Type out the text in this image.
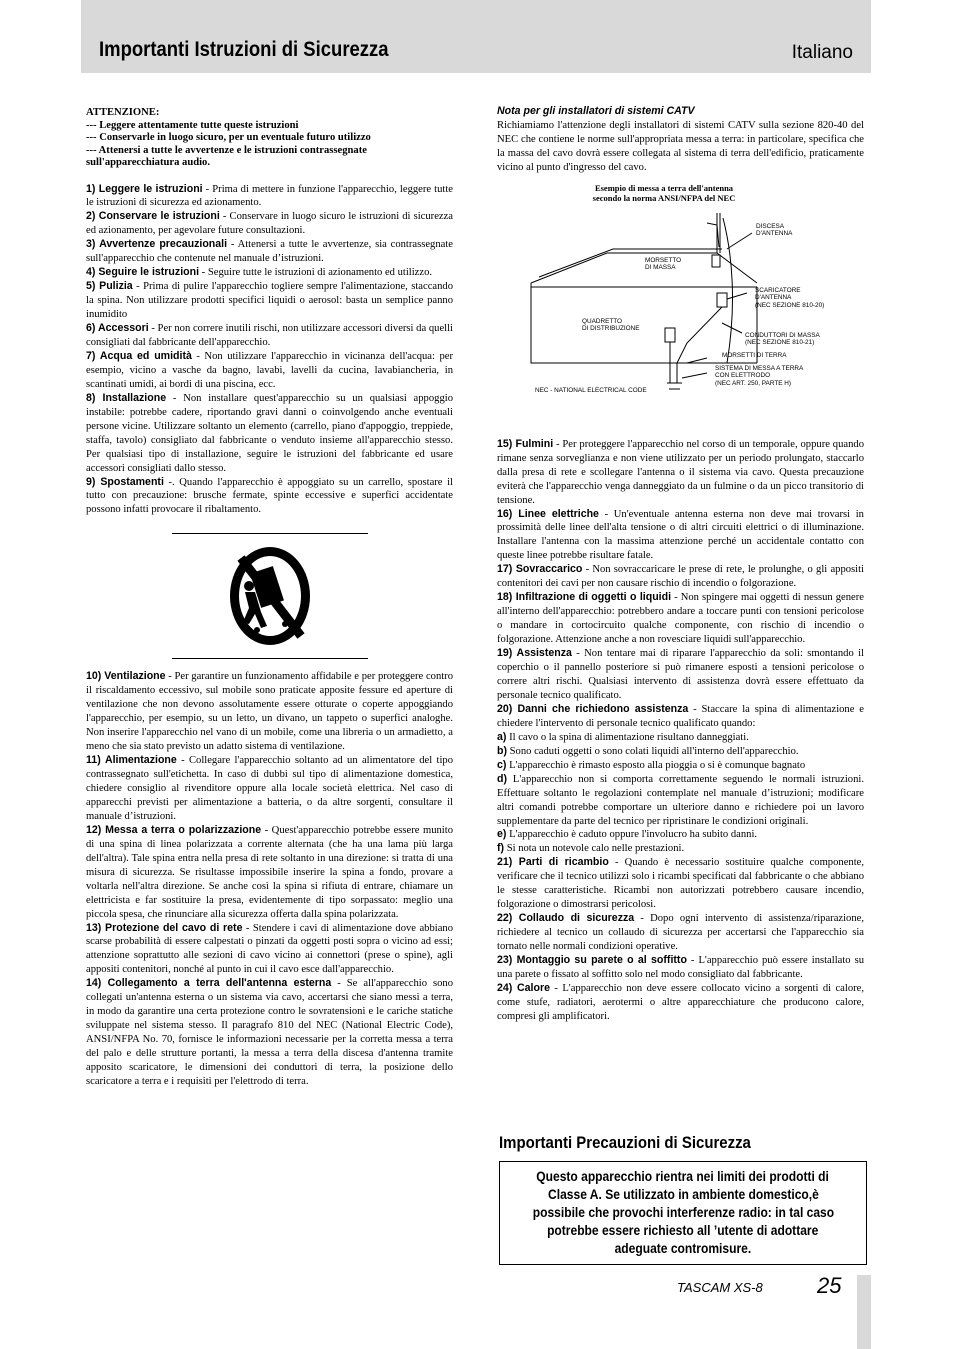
Importanti Istruzioni di Sicurezza	Italiano
ATTENZIONE:
--- Leggere attentamente tutte queste istruzioni
--- Conservarle in luogo sicuro, per un eventuale futuro utilizzo
--- Attenersi a tutte le avvertenze e le istruzioni contrassegnate sull'apparecchiatura audio.

1) Leggere le istruzioni - Prima di mettere in funzione l'apparecchio, leggere tutte le istruzioni di sicurezza ed azionamento.

2) Conservare le istruzioni - Conservare in luogo sicuro le istruzioni di sicurezza ed azionamento, per agevolare future consultazioni.

3) Avvertenze precauzionali - Attenersi a tutte le avvertenze, sia contrassegnate sull'apparecchio che contenute nel manuale d’istruzioni.

4) Seguire le istruzioni - Seguire tutte le istruzioni di azionamento ed utilizzo.

5) Pulizia - Prima di pulire l'apparecchio togliere sempre l'alimentazione, staccando la spina. Non utilizzare prodotti specifici liquidi o aerosol: basta un semplice panno inumidito

6) Accessori - Per non correre inutili rischi, non utilizzare accessori diversi da quelli consigliati dal fabbricante dell'apparecchio.

7) Acqua ed umidità - Non utilizzare l'apparecchio in vicinanza dell'acqua: per esempio, vicino a vasche da bagno, lavabi, lavelli da cucina, lavabiancheria, in scantinati umidi, ai bordi di una piscina, ecc.

8) Installazione - Non installare quest'apparecchio su un qualsiasi appoggio instabile: potrebbe cadere, riportando gravi danni o coinvolgendo anche eventuali persone vicine. Utilizzare soltanto un elemento (carrello, piano d'appoggio, treppiede, staffa, tavolo) consigliato dal fabbricante o venduto insieme all'apparecchio stesso. Per qualsiasi tipo di installazione, seguire le istruzioni del fabbricante ed usare accessori consigliati dallo stesso.

9) Spostamenti -. Quando l'apparecchio è appoggiato su un carrello, spostare il tutto con precauzione: brusche fermate, spinte eccessive e superfici accidentate possono infatti provocare il ribaltamento.

10) Ventilazione - Per garantire un funzionamento affidabile e per proteggere contro il riscaldamento eccessivo, sul mobile sono praticate apposite fessure ed aperture di ventilazione che non devono assolutamente essere otturate o coperte appoggiando l'apparecchio, per esempio, su un letto, un divano, un tappeto o superfici analoghe. Non inserire l'apparecchio nel vano di un mobile, come una libreria o un armadietto, a meno che sia stato previsto un adatto sistema di ventilazione.

11) Alimentazione - Collegare l'apparecchio soltanto ad un alimentatore del tipo contrassegnato sull'etichetta. In caso di dubbi sul tipo di alimentazione domestica, chiedere consiglio al rivenditore oppure alla locale società elettrica. Nel caso di apparecchi previsti per alimentazione a batteria, o da altre sorgenti, consultare il manuale d’istruzioni.

12) Messa a terra o polarizzazione - Quest'apparecchio potrebbe essere munito di una spina di linea polarizzata a corrente alternata (che ha una lama più larga dell'altra). Tale spina entra nella presa di rete soltanto in una direzione: si tratta di una misura di sicurezza. Se risultasse impossibile inserire la spina a fondo, provare a voltarla nell'altra direzione. Se anche così la spina si rifiuta di entrare, chiamare un elettricista e far sostituire la presa, evidentemente di tipo sorpassato: meglio una piccola spesa, che rinunciare alla sicurezza offerta dalla spina polarizzata.

13) Protezione del cavo di rete - Stendere i cavi di alimentazione dove abbiano scarse probabilità di essere calpestati o pinzati da oggetti posti sopra o vicino ad essi; attenzione soprattutto alle sezioni di cavo vicino ai connettori (prese o spine), agli appositi contenitori, nonché al punto in cui il cavo esce dall'apparecchio.

14) Collegamento a terra dell'antenna esterna - Se all'apparecchio sono collegati un'antenna esterna o un sistema via cavo, accertarsi che siano messi a terra, in modo da garantire una certa protezione contro le sovratensioni e le cariche statiche sviluppate nel sistema stesso. Il paragrafo 810 del NEC (National Electric Code), ANSI/NFPA No. 70, fornisce le informazioni necessarie per la corretta messa a terra del palo e delle strutture portanti, la messa a terra della discesa d'antenna tramite apposito scaricatore, le dimensioni dei conduttori di terra, la posizione dello scaricatore a terra e i requisiti per l'elettrodo di terra.

Nota per gli installatori di sistemi CATV

Richiamiamo l'attenzione degli installatori di sistemi CATV sulla sezione 820-40 del NEC che contiene le norme sull'appropriata messa a terra: in particolare, specifica che la massa del cavo dovrà essere collegata al sistema di terra dell'edificio, praticamente vicino al punto d'ingresso del cavo.

Esempio di messa a terra dell'antenna
secondo la norma ANSI/NFPA del NEC
DISCESA
D'ANTENNA
MORSETTO
DI MASSA
SCARICATORE
D'ANTENNA
(NEC SEZIONE 810-20)
QUADRETTO
DI DISTRIBUZIONE
CONDUTTORI DI MASSA
(NEC SEZIONE 810-21)
MORSETTI DI TERRA
SISTEMA DI MESSA A TERRA
CON ELETTRODO
(NEC ART. 250, PARTE H)
NEC - NATIONAL ELECTRICAL CODE

15) Fulmini - Per proteggere l'apparecchio nel corso di un temporale, oppure quando rimane senza sorveglianza e non viene utilizzato per un periodo prolungato, staccarlo dalla presa di rete e scollegare l'antenna o il sistema via cavo. Questa precauzione eviterà che l'apparecchio venga danneggiato da un fulmine o da un picco transitorio di tensione.

16) Linee elettriche - Un'eventuale antenna esterna non deve mai trovarsi in prossimità delle linee dell'alta tensione o di altri circuiti elettrici o di illuminazione. Installare l'antenna con la massima attenzione perché un accidentale contatto con queste linee potrebbe risultare fatale.

17) Sovraccarico - Non sovraccaricare le prese di rete, le prolunghe, o gli appositi contenitori dei cavi per non causare rischio di incendio o folgorazione.

18) Infiltrazione di oggetti o liquidi - Non spingere mai oggetti di nessun genere all'interno dell'apparecchio: potrebbero andare a toccare punti con tensioni pericolose o mandare in cortocircuito qualche componente, con rischio di incendio o folgorazione. Attenzione anche a non rovesciare liquidi sull'apparecchio.

19) Assistenza - Non tentare mai di riparare l'apparecchio da soli: smontando il coperchio o il pannello posteriore si può rimanere esposti a tensioni pericolose o correre altri rischi. Qualsiasi intervento di assistenza dovrà essere effettuato da personale tecnico qualificato.

20) Danni che richiedono assistenza - Staccare la spina di alimentazione e chiedere l'intervento di personale tecnico qualificato quando:

a) Il cavo o la spina di alimentazione risultano danneggiati.

b) Sono caduti oggetti o sono colati liquidi all'interno dell'apparecchio.

c) L'apparecchio è rimasto esposto alla pioggia o si è comunque bagnato

d) L'apparecchio non si comporta correttamente seguendo le normali istruzioni. Effettuare soltanto le regolazioni contemplate nel manuale d’istruzioni; modificare altri comandi potrebbe comportare un ulteriore danno e richiedere poi un lavoro supplementare da parte del tecnico per ripristinare le condizioni originali.

e) L'apparecchio è caduto oppure l'involucro ha subito danni.

f) Si nota un notevole calo nelle prestazioni.

21) Parti di ricambio - Quando è necessario sostituire qualche componente, verificare che il tecnico utilizzi solo i ricambi specificati dal fabbricante o che abbiano le stesse caratteristiche. Ricambi non autorizzati potrebbero causare incendio, folgorazione o dimostrarsi pericolosi.

22) Collaudo di sicurezza - Dopo ogni intervento di assistenza/riparazione, richiedere al tecnico un collaudo di sicurezza per accertarsi che l'apparecchio sia tornato nelle normali condizioni operative.

23) Montaggio su parete o al soffitto - L'apparecchio può essere installato su una parete o fissato al soffitto solo nel modo consigliato dal fabbricante.

24) Calore - L'apparecchio non deve essere collocato vicino a sorgenti di calore, come stufe, radiatori, aerotermi o altre apparecchiature che producono calore, compresi gli amplificatori.

Importanti Precauzioni di Sicurezza
Questo apparecchio rientra nei limiti dei prodotti di
Classe A. Se utilizzato in ambiente domestico,è
possibile che provochi interferenze radio: in tal caso
potrebbe essere richiesto all ’utente di adottare
adeguate contromisure.
TASCAM XS-8 25
